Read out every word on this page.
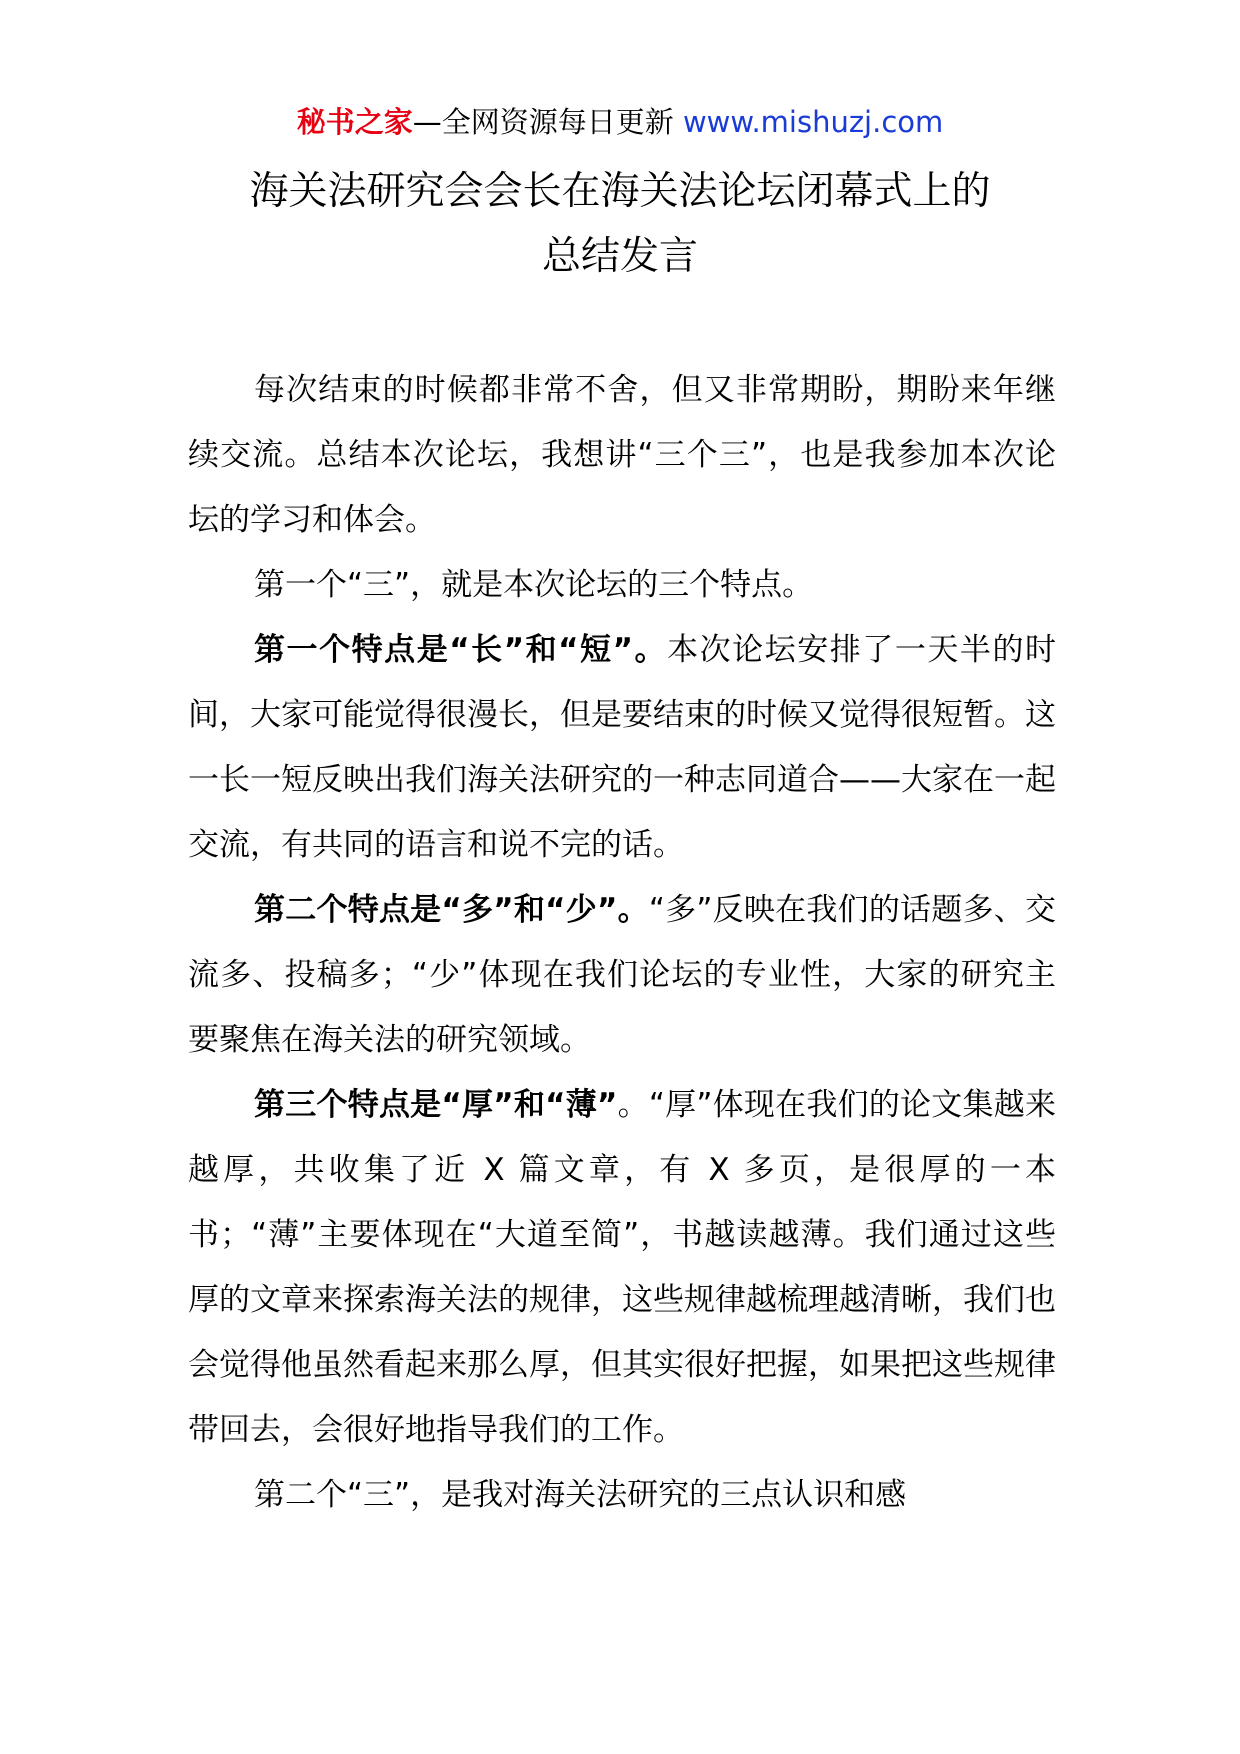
秘书之家—全网资源每日更新 www.mishuzj.com
海关法研究会会长在海关法论坛闭幕式上的
总结发言

每次结束的时候都非常不舍，但又非常期盼，期盼来年继续交流。总结本次论坛，我想讲“三个三”，也是我参加本次论坛的学习和体会。

第一个“三”，就是本次论坛的三个特点。

第一个特点是“长”和“短”。本次论坛安排了一天半的时间，大家可能觉得很漫长，但是要结束的时候又觉得很短暂。这一长一短反映出我们海关法研究的一种志同道合——大家在一起交流，有共同的语言和说不完的话。

第二个特点是“多”和“少”。“多”反映在我们的话题多、交流多、投稿多；“少”体现在我们论坛的专业性，大家的研究主要聚焦在海关法的研究领域。

第三个特点是“厚”和“薄”。“厚”体现在我们的论文集越来越厚，共收集了近 X 篇文章，有 X 多页，是很厚的一本书；“薄”主要体现在“大道至简”，书越读越薄。我们通过这些厚的文章来探索海关法的规律，这些规律越梳理越清晰，我们也会觉得他虽然看起来那么厚，但其实很好把握，如果把这些规律带回去，会很好地指导我们的工作。

第二个“三”，是我对海关法研究的三点认识和感
